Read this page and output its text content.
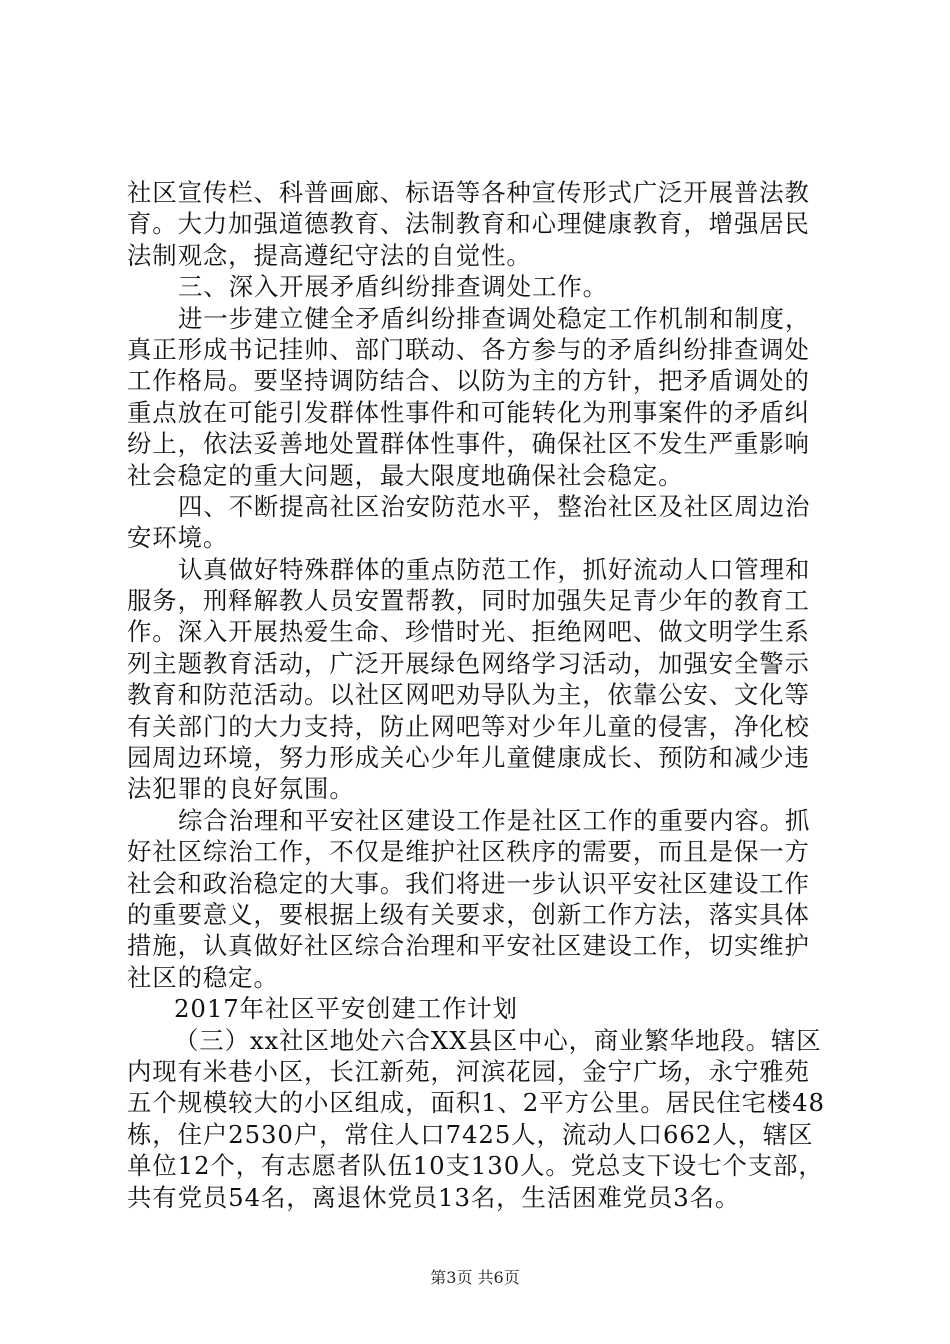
社区宣传栏、科普画廊、标语等各种宣传形式广泛开展普法教
育。大力加强道德教育、法制教育和心理健康教育，增强居民
法制观念，提高遵纪守法的自觉性。
三、深入开展矛盾纠纷排查调处工作。
进一步建立健全矛盾纠纷排查调处稳定工作机制和制度，
真正形成书记挂帅、部门联动、各方参与的矛盾纠纷排查调处
工作格局。要坚持调防结合、以防为主的方针，把矛盾调处的
重点放在可能引发群体性事件和可能转化为刑事案件的矛盾纠
纷上，依法妥善地处置群体性事件，确保社区不发生严重影响
社会稳定的重大问题，最大限度地确保社会稳定。
四、不断提高社区治安防范水平，整治社区及社区周边治
安环境。
认真做好特殊群体的重点防范工作，抓好流动人口管理和
服务，刑释解教人员安置帮教，同时加强失足青少年的教育工
作。深入开展热爱生命、珍惜时光、拒绝网吧、做文明学生系
列主题教育活动，广泛开展绿色网络学习活动，加强安全警示
教育和防范活动。以社区网吧劝导队为主，依靠公安、文化等
有关部门的大力支持，防止网吧等对少年儿童的侵害，净化校
园周边环境，努力形成关心少年儿童健康成长、预防和减少违
法犯罪的良好氛围。
综合治理和平安社区建设工作是社区工作的重要内容。抓
好社区综治工作，不仅是维护社区秩序的需要，而且是保一方
社会和政治稳定的大事。我们将进一步认识平安社区建设工作
的重要意义，要根据上级有关要求，创新工作方法，落实具体
措施，认真做好社区综合治理和平安社区建设工作，切实维护
社区的稳定。
2017年社区平安创建工作计划
（三）xx社区地处六合XX县区中心，商业繁华地段。辖区
内现有米巷小区，长江新苑，河滨花园，金宁广场，永宁雅苑
五个规模较大的小区组成，面积1、2平方公里。居民住宅楼48
栋，住户2530户，常住人口7425人，流动人口662人，辖区
单位12个，有志愿者队伍10支130人。党总支下设七个支部，
共有党员54名，离退休党员13名，生活困难党员3名。
第3页 共6页
